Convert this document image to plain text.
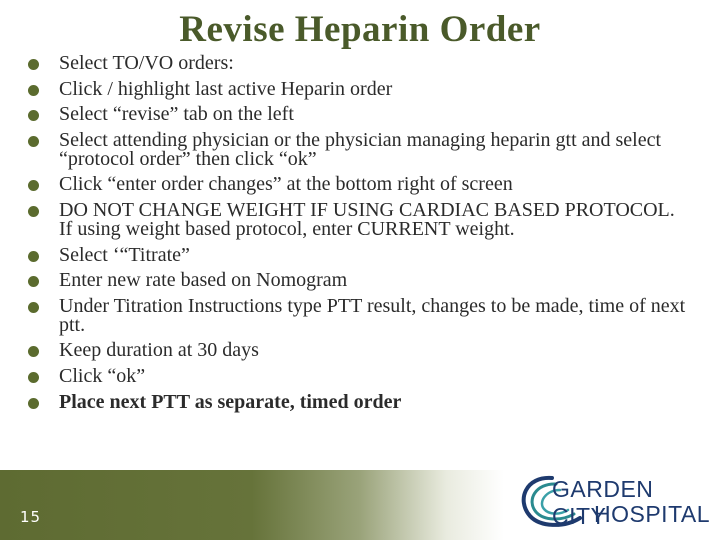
Revise Heparin Order
Select TO/VO orders:
Click / highlight last active Heparin order
Select “revise” tab on the left
Select attending physician or the physician managing heparin gtt and select “protocol order” then click “ok”
Click “enter order changes” at the bottom right of screen
DO NOT CHANGE WEIGHT IF USING CARDIAC BASED PROTOCOL. If using weight based protocol, enter CURRENT weight.
Select ‘“Titrate”
Enter new rate based on Nomogram
Under Titration Instructions type PTT result, changes to be made, time of next ptt.
Keep duration at 30 days
Click “ok”
Place next PTT as separate, timed order
15
GARDEN CITY
HOSPITAL
